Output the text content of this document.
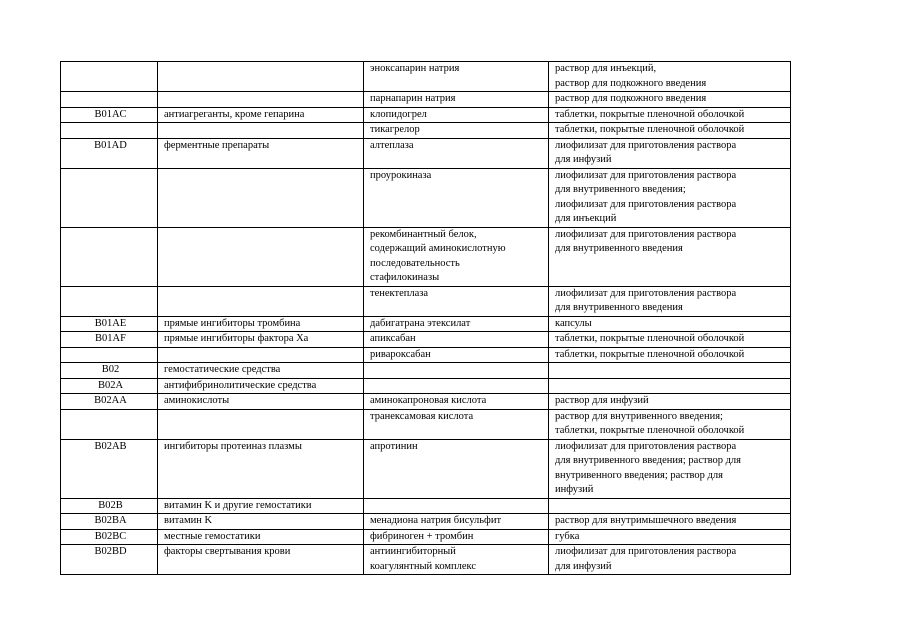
		эноксапарин натрия	раствор для инъекций,
раствор для подкожного введения
		парнапарин натрия	раствор для подкожного введения
B01AC	антиагреганты, кроме гепарина	клопидогрел	таблетки, покрытые пленочной оболочкой
		тикагрелор	таблетки, покрытые пленочной оболочкой
B01AD	ферментные препараты	алтеплаза	лиофилизат для приготовления раствора
для инфузий
		проурокиназа	лиофилизат для приготовления раствора
для внутривенного введения;
лиофилизат для приготовления раствора
для инъекций
		рекомбинантный белок,
содержащий аминокислотную
последовательность
стафилокиназы	лиофилизат для приготовления раствора
для внутривенного введения
		тенектеплаза	лиофилизат для приготовления раствора
для внутривенного введения
B01AE	прямые ингибиторы тромбина	дабигатрана этексилат	капсулы
B01AF	прямые ингибиторы фактора Xa	апиксабан	таблетки, покрытые пленочной оболочкой
		ривароксабан	таблетки, покрытые пленочной оболочкой
B02	гемостатические средства		
B02A	антифибринолитические средства		
B02AA	аминокислоты	аминокапроновая кислота	раствор для инфузий
		транексамовая кислота	раствор для внутривенного введения;
таблетки, покрытые пленочной оболочкой
B02AB	ингибиторы протеиназ плазмы	апротинин	лиофилизат для приготовления раствора
для внутривенного введения; раствор для
внутривенного введения; раствор для
инфузий
B02B	витамин K и другие гемостатики		
B02BA	витамин K	менадиона натрия бисульфит	раствор для внутримышечного введения
B02BC	местные гемостатики	фибриноген + тромбин	губка
B02BD	факторы свертывания крови	антиингибиторный
коагулянтный комплекс	лиофилизат для приготовления раствора
для инфузий
